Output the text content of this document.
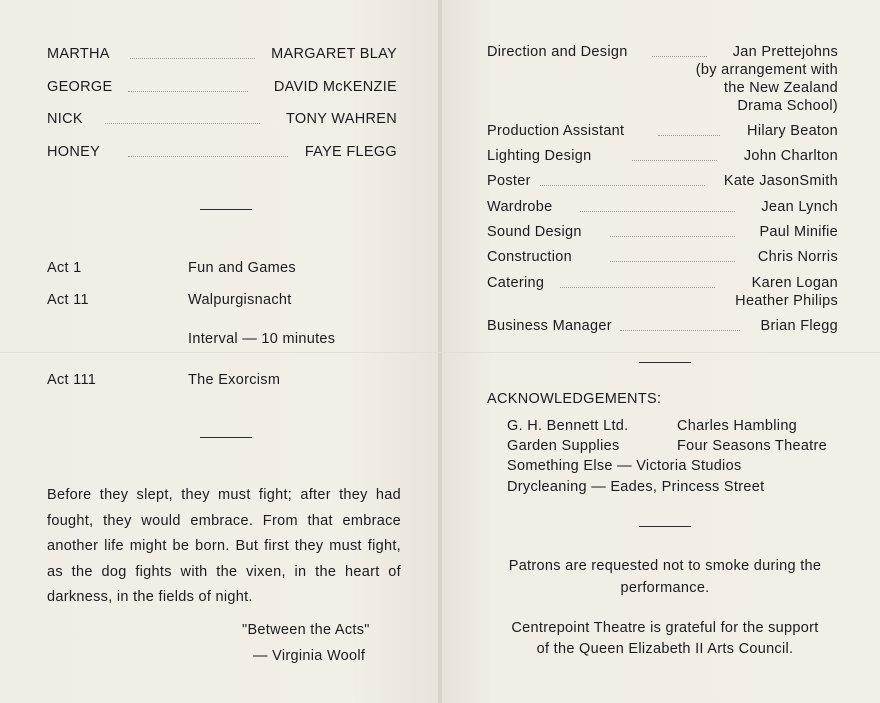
MARTHA	MARGARET BLAY
GEORGE	DAVID McKENZIE
NICK	TONY WAHREN
HONEY	FAYE FLEGG
Act 1	Fun and Games
Act 11	Walpurgisnacht
Interval — 10 minutes
Act 111	The Exorcism
Before they slept, they must fight; after they had fought, they would embrace. From that embrace another life might be born. But first they must fight, as the dog fights with the vixen, in the heart of darkness, in the fields of night.
"Between the Acts"
— Virginia Woolf
Direction and Design	Jan Prettejohns
(by arrangement with
the New Zealand
Drama School)
Production Assistant	Hilary Beaton
Lighting Design	John Charlton
Poster	Kate JasonSmith
Wardrobe	Jean Lynch
Sound Design	Paul Minifie
Construction	Chris Norris
Catering	Karen Logan
Heather Philips
Business Manager	Brian Flegg
ACKNOWLEDGEMENTS:
G. H. Bennett Ltd.	Charles Hambling
Garden Supplies	Four Seasons Theatre
Something Else — Victoria Studios
Drycleaning — Eades, Princess Street
Patrons are requested not to smoke during the
performance.
Centrepoint Theatre is grateful for the support
of the Queen Elizabeth II Arts Council.
